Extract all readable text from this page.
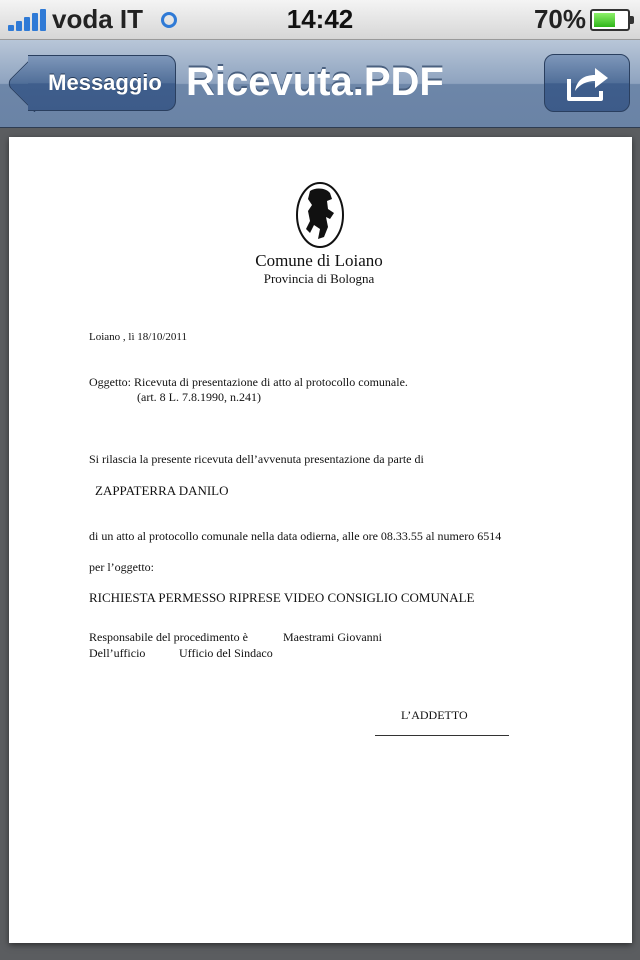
voda IT	14:42	70%
Messaggio Ricevuta.PDF
Comune di Loiano
Provincia di Bologna
Loiano , lì 18/10/2011
Oggetto: Ricevuta di presentazione di atto al protocollo comunale.
(art. 8 L. 7.8.1990, n.241)
Si rilascia la presente ricevuta dell’avvenuta presentazione da parte di
ZAPPATERRA DANILO
di un atto al protocollo comunale nella data odierna, alle ore 08.33.55 al numero 6514
per l’oggetto:
RICHIESTA PERMESSO RIPRESE VIDEO CONSIGLIO COMUNALE
Responsabile del procedimento è	Maestrami Giovanni
Dell’ufficio	Ufficio del Sindaco
L’ADDETTO
